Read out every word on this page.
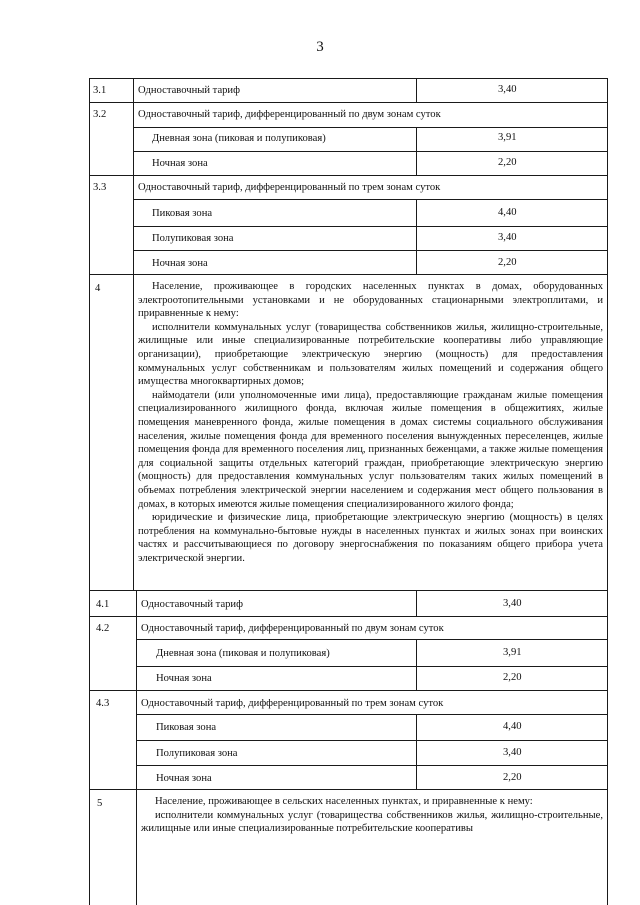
3
3.1	Одноставочный тариф	3,40
3.2	Одноставочный тариф, дифференцированный по двум зонам суток
Дневная зона (пиковая и полупиковая)	3,91
Ночная зона	2,20
3.3	Одноставочный тариф, дифференцированный по трем зонам суток
Пиковая зона	4,40
Полупиковая зона	3,40
Ночная зона	2,20
4	Население, проживающее в городских населенных пунктах в домах, оборудованных электроотопительными установками и не оборудованных стационарными электроплитами, и приравненные к нему:
исполнители коммунальных услуг (товарищества собственников жилья, жилищно-строительные, жилищные или иные специализированные потребительские кооперативы либо управляющие организации), приобретающие электрическую энергию (мощность) для предоставления коммунальных услуг собственникам и пользователям жилых помещений и содержания общего имущества многоквартирных домов;
наймодатели (или уполномоченные ими лица), предоставляющие гражданам жилые помещения специализированного жилищного фонда, включая жилые помещения в общежитиях, жилые помещения маневренного фонда, жилые помещения в домах системы социального обслуживания населения, жилые помещения фонда для временного поселения вынужденных переселенцев, жилые помещения фонда для временного поселения лиц, признанных беженцами, а также жилые помещения для социальной защиты отдельных категорий граждан, приобретающие электрическую энергию (мощность) для предоставления коммунальных услуг пользователям таких жилых помещений в объемах потребления электрической энергии населением и содержания мест общего пользования в домах, в которых имеются жилые помещения специализированного жилого фонда;
юридические и физические лица, приобретающие электрическую энергию (мощность) в целях потребления на коммунально-бытовые нужды в населенных пунктах и жилых зонах при воинских частях и рассчитывающиеся по договору энергоснабжения по показаниям общего прибора учета электрической энергии.
4.1	Одноставочный тариф	3,40
4.2	Одноставочный тариф, дифференцированный по двум зонам суток
Дневная зона (пиковая и полупиковая)	3,91
Ночная зона	2,20
4.3	Одноставочный тариф, дифференцированный по трем зонам суток
Пиковая зона	4,40
Полупиковая зона	3,40
Ночная зона	2,20
5	Население, проживающее в сельских населенных пунктах, и приравненные к нему:
исполнители коммунальных услуг (товарищества собственников жилья, жилищно-строительные, жилищные или иные специализированные потребительские кооперативы
